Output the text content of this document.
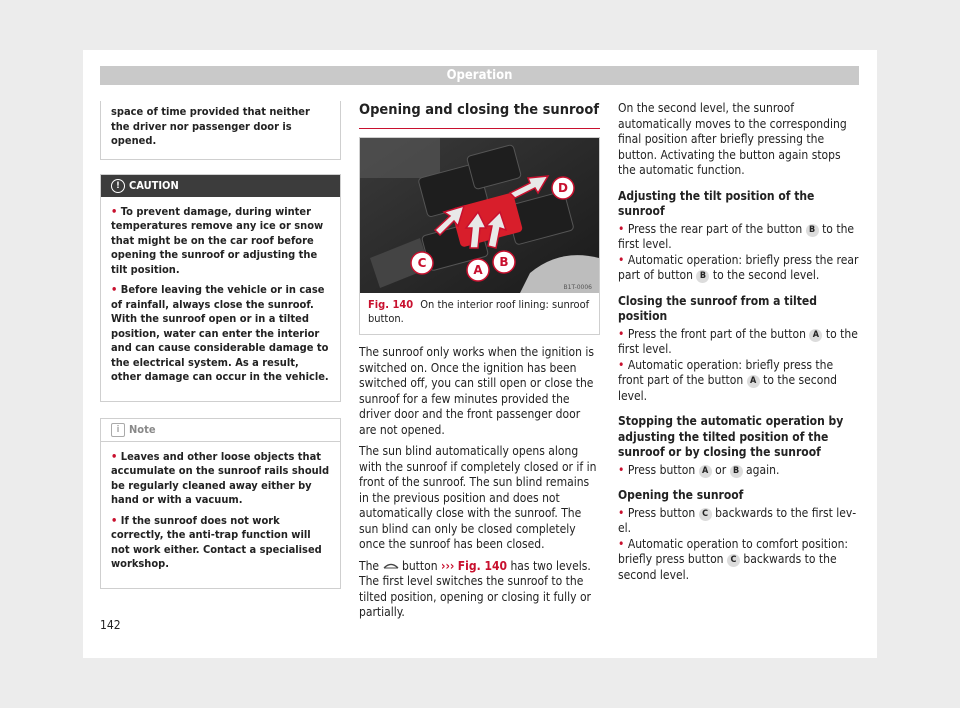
Operation
space of time provided that neither the driver nor passenger door is opened.
! CAUTION

• To prevent damage, during winter temperatures remove any ice or snow that might be on the car roof before opening the sunroof or adjusting the tilt position.

• Before leaving the vehicle or in case of rainfall, always close the sunroof. With the sunroof open or in a tilted position, water can enter the interior and can cause considerable damage to the electrical system. As a result, other damage can occur in the vehicle.

i Note

• Leaves and other loose objects that accumulate on the sunroof rails should be regularly cleaned away either by hand or with a vacuum.

• If the sunroof does not work correctly, the anti-trap function will not work either. Contact a specialised workshop.

Opening and closing the sunroof
D
C	A
B
B1T-0006
Fig. 140 On the interior roof lining: sunroof button.

The sunroof only works when the ignition is switched on. Once the ignition has been switched off, you can still open or close the sunroof for a few minutes provided the driver door and the front passenger door are not opened.

The sun blind automatically opens along with the sunroof if completely closed or if in front of the sunroof. The sun blind remains in the previous position and does not automatically close with the sunroof. The sun blind can only be closed completely once the sunroof has been closed.

The button ››› Fig. 140 has two levels. The first level switches the sunroof to the tilted position, opening or closing it fully or partially.

On the second level, the sunroof automatically moves to the corresponding final position after briefly pressing the button. Activating the button again stops the automatic function.

Adjusting the tilt position of the sunroof

• Press the rear part of the button B to the first level.

• Automatic operation: briefly press the rear part of button B to the second level.

Closing the sunroof from a tilted position

• Press the front part of the button A to the first level.

• Automatic operation: briefly press the front part of the button A to the second level.

Stopping the automatic operation by adjusting the tilted position of the sunroof or by closing the sunroof

• Press button A or B again.

Opening the sunroof

• Press button C backwards to the first level.

• Automatic operation to comfort position: briefly press button C backwards to the second level.

142
